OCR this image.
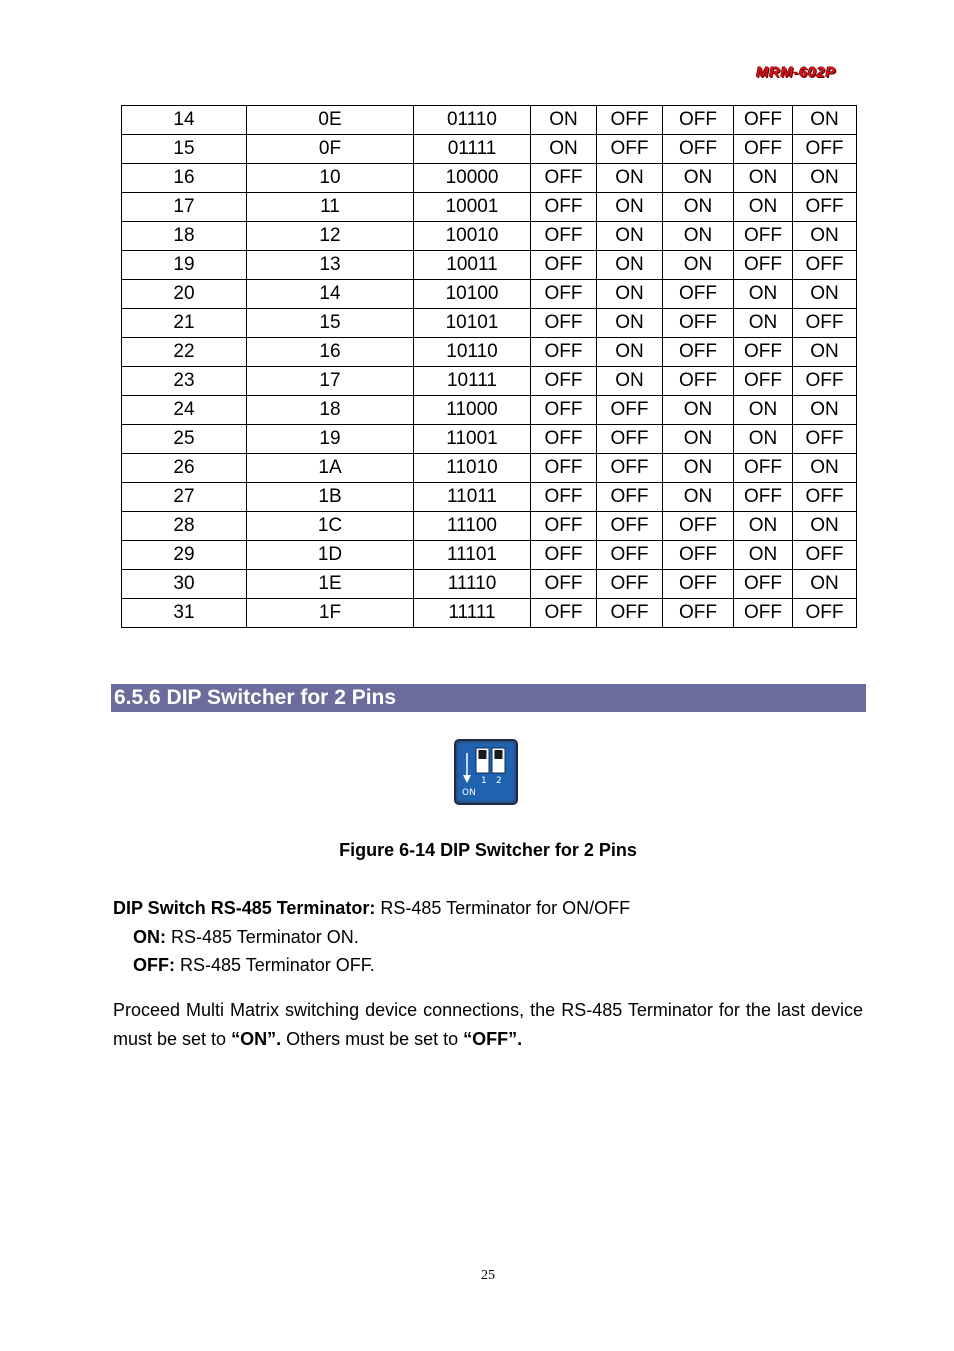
MRM-602P
14	0E	01110	ON	OFF	OFF	OFF	ON
15	0F	01111	ON	OFF	OFF	OFF	OFF
16	10	10000	OFF	ON	ON	ON	ON
17	11	10001	OFF	ON	ON	ON	OFF
18	12	10010	OFF	ON	ON	OFF	ON
19	13	10011	OFF	ON	ON	OFF	OFF
20	14	10100	OFF	ON	OFF	ON	ON
21	15	10101	OFF	ON	OFF	ON	OFF
22	16	10110	OFF	ON	OFF	OFF	ON
23	17	10111	OFF	ON	OFF	OFF	OFF
24	18	11000	OFF	OFF	ON	ON	ON
25	19	11001	OFF	OFF	ON	ON	OFF
26	1A	11010	OFF	OFF	ON	OFF	ON
27	1B	11011	OFF	OFF	ON	OFF	OFF
28	1C	11100	OFF	OFF	OFF	ON	ON
29	1D	11101	OFF	OFF	OFF	ON	OFF
30	1E	11110	OFF	OFF	OFF	OFF	ON
31	1F	11111	OFF	OFF	OFF	OFF	OFF
6.5.6 DIP Switcher for 2 Pins
ON
1 2
Figure 6-14 DIP Switcher for 2 Pins
DIP Switch RS-485 Terminator: RS-485 Terminator for ON/OFF
ON: RS-485 Terminator ON.
OFF: RS-485 Terminator OFF.
Proceed Multi Matrix switching device connections, the RS-485 Terminator for the last device must be set to “ON”. Others must be set to “OFF”.
25
